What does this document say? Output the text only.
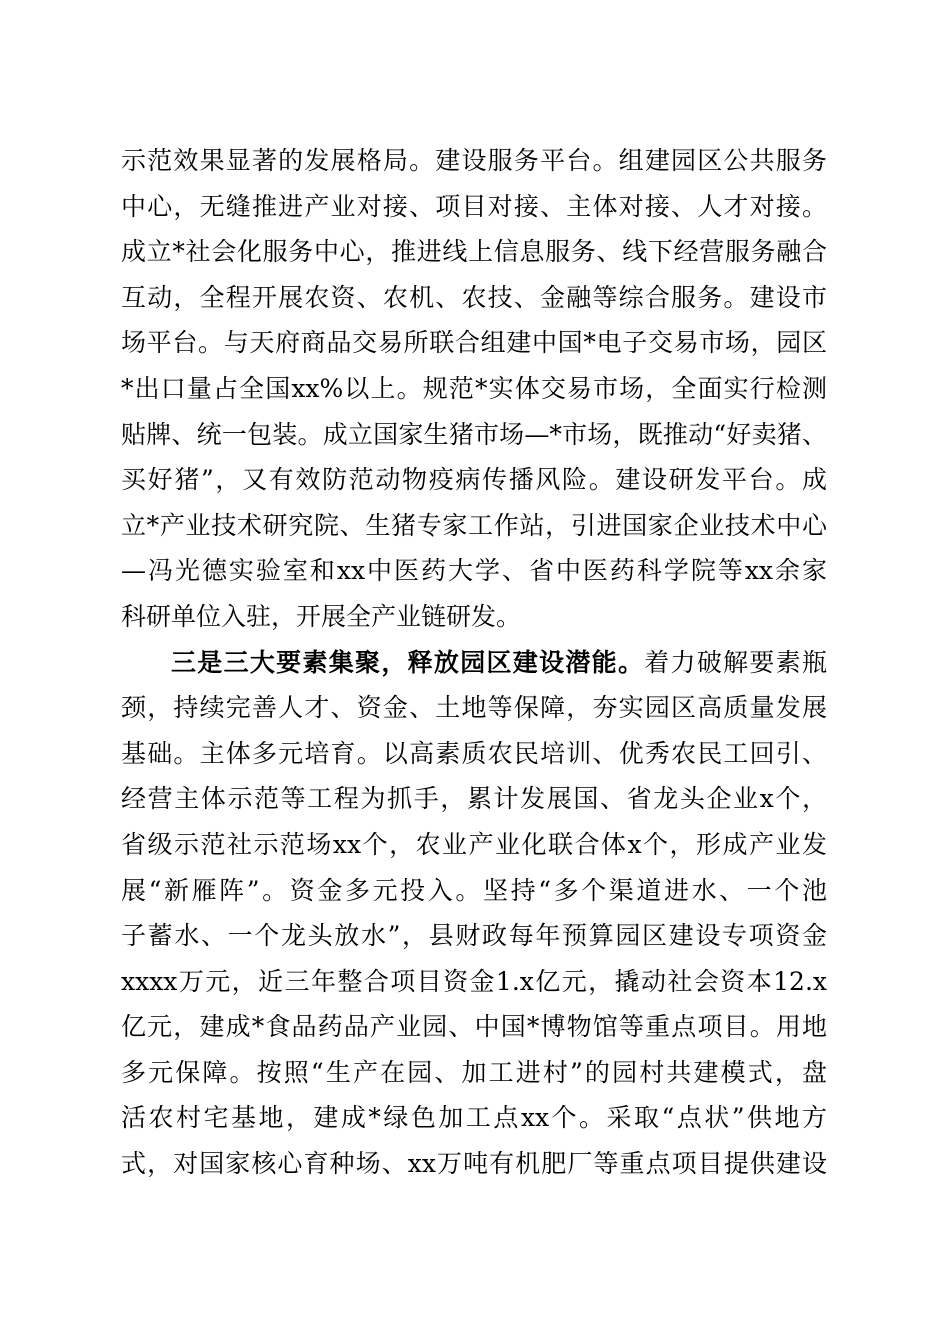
示范效果显著的发展格局。建设服务平台。组建园区公共服务
中心，无缝推进产业对接、项目对接、主体对接、人才对接。
成立*社会化服务中心，推进线上信息服务、线下经营服务融合
互动，全程开展农资、农机、农技、金融等综合服务。建设市
场平台。与天府商品交易所联合组建中国*电子交易市场，园区
*出口量占全国xx%以上。规范*实体交易市场，全面实行检测
贴牌、统一包装。成立国家生猪市场—*市场，既推动“好卖猪、
买好猪”，又有效防范动物疫病传播风险。建设研发平台。成
立*产业技术研究院、生猪专家工作站，引进国家企业技术中心
—冯光德实验室和xx中医药大学、省中医药科学院等xx余家
科研单位入驻，开展全产业链研发。
三是三大要素集聚，释放园区建设潜能。着力破解要素瓶
颈，持续完善人才、资金、土地等保障，夯实园区高质量发展
基础。主体多元培育。以高素质农民培训、优秀农民工回引、
经营主体示范等工程为抓手，累计发展国、省龙头企业x个，
省级示范社示范场xx个，农业产业化联合体x个，形成产业发
展“新雁阵”。资金多元投入。坚持“多个渠道进水、一个池
子蓄水、一个龙头放水”，县财政每年预算园区建设专项资金
xxxx万元，近三年整合项目资金1.x亿元，撬动社会资本12.x
亿元，建成*食品药品产业园、中国*博物馆等重点项目。用地
多元保障。按照“生产在园、加工进村”的园村共建模式，盘
活农村宅基地，建成*绿色加工点xx个。采取“点状”供地方
式，对国家核心育种场、xx万吨有机肥厂等重点项目提供建设
